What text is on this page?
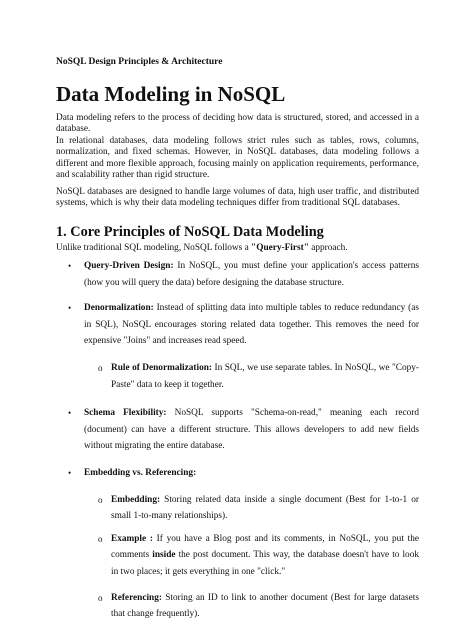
NoSQL Design Principles & Architecture
Data Modeling in NoSQL

Data modeling refers to the process of deciding how data is structured, stored, and accessed in a database.

In relational databases, data modeling follows strict rules such as tables, rows, columns, normalization, and fixed schemas. However, in NoSQL databases, data modeling follows a different and more flexible approach, focusing mainly on application requirements, performance, and scalability rather than rigid structure.

NoSQL databases are designed to handle large volumes of data, high user traffic, and distributed systems, which is why their data modeling techniques differ from traditional SQL databases.

1. Core Principles of NoSQL Data Modeling

Unlike traditional SQL modeling, NoSQL follows a "Query-First" approach.

• Query-Driven Design: In NoSQL, you must define your application's access patterns (how you will query the data) before designing the database structure.
• Denormalization: Instead of splitting data into multiple tables to reduce redundancy (as in SQL), NoSQL encourages storing related data together. This removes the need for expensive "Joins" and increases read speed.
o Rule of Denormalization: In SQL, we use separate tables. In NoSQL, we "Copy-Paste" data to keep it together.
• Schema Flexibility: NoSQL supports "Schema-on-read," meaning each record (document) can have a different structure. This allows developers to add new fields without migrating the entire database.
• Embedding vs. Referencing:
o Embedding: Storing related data inside a single document (Best for 1-to-1 or small 1-to-many relationships).
o Example : If you have a Blog post and its comments, in NoSQL, you put the comments inside the post document. This way, the database doesn't have to look in two places; it gets everything in one "click."
o Referencing: Storing an ID to link to another document (Best for large datasets that change frequently).
